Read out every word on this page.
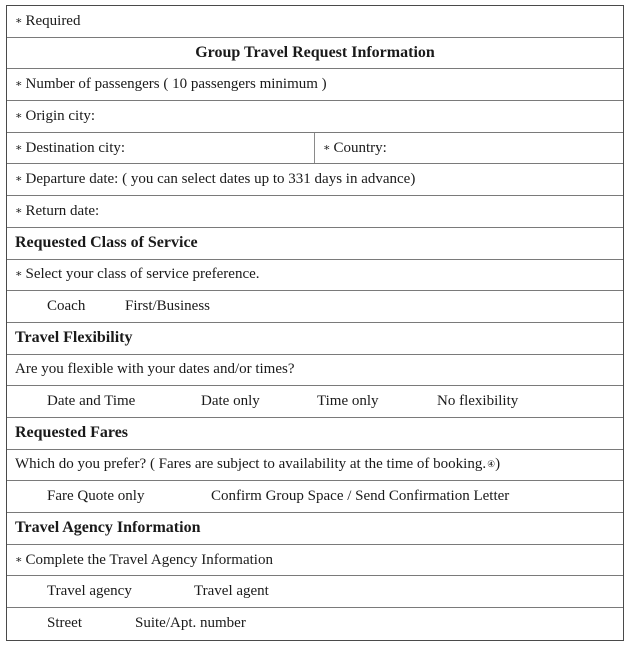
∗ Required
Group Travel Request Information
∗ Number of passengers ( 10 passengers minimum )
∗ Origin city:
∗ Destination city:	∗ Country:
∗ Departure date: ( you can select dates up to 331 days in advance)
∗ Return date:
Requested Class of Service
∗ Select your class of service preference.
Coach	First/Business
Travel Flexibility
Are you flexible with your dates and/or times?
Date and Time	Date only	Time only	No flexibility
Requested Fares
Which do you prefer? ( Fares are subject to availability at the time of booking. ④ )
Fare Quote only	Confirm Group Space / Send Confirmation Letter
Travel Agency Information
∗ Complete the Travel Agency Information
Travel agency	Travel agent
Street	Suite/Apt. number
